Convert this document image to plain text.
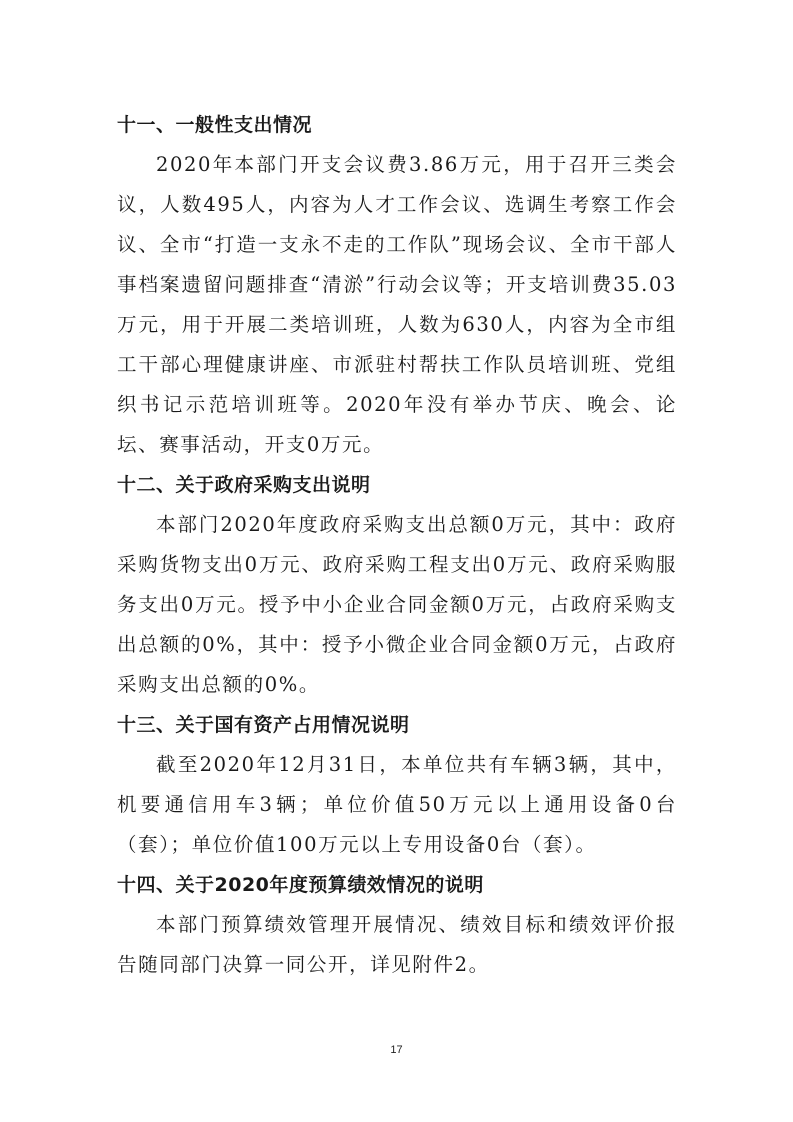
十一、一般性支出情况

2020年本部门开支会议费3.86万元，用于召开三类会议，人数495人，内容为人才工作会议、选调生考察工作会议、全市“打造一支永不走的工作队”现场会议、全市干部人事档案遗留问题排查“清淤”行动会议等；开支培训费35.03万元，用于开展二类培训班，人数为630人，内容为全市组工干部心理健康讲座、市派驻村帮扶工作队员培训班、党组织书记示范培训班等。2020年没有举办节庆、晚会、论坛、赛事活动，开支0万元。

十二、关于政府采购支出说明

本部门2020年度政府采购支出总额0万元，其中：政府采购货物支出0万元、政府采购工程支出0万元、政府采购服务支出0万元。授予中小企业合同金额0万元，占政府采购支出总额的0%，其中：授予小微企业合同金额0万元，占政府采购支出总额的0%。

十三、关于国有资产占用情况说明

截至2020年12月31日，本单位共有车辆3辆，其中，机要通信用车3辆；单位价值50万元以上通用设备0台（套）；单位价值100万元以上专用设备0台（套）。

十四、关于2020年度预算绩效情况的说明

本部门预算绩效管理开展情况、绩效目标和绩效评价报告随同部门决算一同公开，详见附件2。

17
